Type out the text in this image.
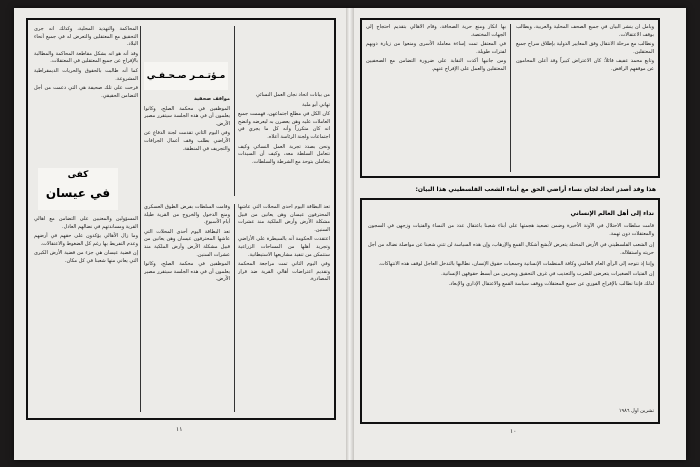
من بيانات اتحاد نجان العمل النسائي

تهاني أبو ملبة

كان الكل في مطلع اجتماعهن، فهممت جميع العاملات عليه وهن يعصرن به ليعرضه واتضح انه كان متكرراً وأنه كل ما يجري في اجتماعات ولجنة الرئاسة أعلاه.

ونحن بصدد تجربة العمل النسائي وكيف نتعامل السلطة معه، وكيف أن السيدات يتعاملن بتوحد مع الشرطة والسلطات.

مـؤتـمـر صـحـفـي

المحاكمة والتهديد المحلية، وكذلك انه جرى التحقيق مع المعتقلين والتعرض له في جميع أنحاء البلاد.

وقد أنه هو انه بشكل مقاطعة المحاكمة والمطالبة بالإفراج عن جميع المعتقلين في المعتقلات.

كما أنه طالبت بالحقوق والحريات الديمقراطية المشروعة.

فرحت على تلك صحيفة هي التي دعمت من أجل التضامن الحقيقي.

مواقف صحفية

الموظفين في محكمة الصلح، وكانوا يعلمون أن في هذه الجلسة سيتقرر مصير الأرض.

وفي اليوم الثاني تقدمت لجنة الدفاع عن الأراضي بطلب وقف أعمال الجرافات والتجريف في المنطقة.

كفى
في عيسان

تعد البطاقة اليوم أحدى المحلات التي عاشها المحترفون عيسان وهن يعانين من قبيل مشكلة الأرض وأرض الملكية منذ عشرات السنين.

اعتقدت الحكومة أنه بالسيطرة على الأراضي وتجريد أهلها من المساحات الزراعية ستتمكن من تنفيذ مشاريعها الاستيطانية.

وفي اليوم الثاني تمت مراجعة المحكمة وتقديم اعتراضات أهالي القرية ضد قرار المصادرة.

وقامت السلطات بفرض الطوق العسكري ومنع الدخول والخروج من القرية طيلة أيام الأسبوع.

تعد البطاقة اليوم أحدى المحلات التي عاشها المحترفون عيسان وهن يعانين من قبيل مشكلة الأرض وأرض الملكية منذ عشرات السنين.

الموظفين في محكمة الصلح، وكانوا يعلمون أن في هذه الجلسة سيتقرر مصير الأرض.

المسؤولين والمعنيين على التضامن مع أهالي القرية ومساندتهم في نضالهم العادل.

وما زال الأهالي يؤكدون على حقهم في أرضهم وعدم التفريط بها رغم كل الضغوط والاعتقالات.

إن قضية عيسان هي جزء من قضية الأرض الكبرى التي يعاني منها شعبنا في كل مكان.

١١

بها انكار ومنع حرية الصحافة، وقام الأهالي بتقديم احتجاج إلى الجهات المختصة.

في المعتقل تمت إساءة معاملة الأسرى ومنعوا من زيارة ذويهم لفترات طويلة.

ومن جانبها أكدت النقابة على ضرورة التضامن مع الصحفيين المعتقلين والعمل على الإفراج عنهم.

ويأمل ان ينشر البيان في جميع الصحف المحلية والعربية، ويطالب بوقف الاعتقالات.

ونطالب مع مرحلة الانتقال وفق المعايير الدولية بإطلاق سراح جميع المعتقلين.

وتابع محمد عفيف قائلاً: كان الاعتراض كبيراً وقد أعلن المحامون عن موقفهم الرافض.

هذا وقد أصدر اتحاد لجان نساء أراضي الحق مع أبناء الشعب الفلسطيني هذا البيان:
نداء إلى أهل العالم الإنساني

قامت سلطات الاحتلال في الآونة الأخيرة وضمن تصعيد هجمتها على أبناء شعبنا باعتقال عدد من النساء والفتيات وزجهن في السجون والمعتقلات دون تهمة.

إن الشعب الفلسطيني في الأرض المحتلة يتعرض لأبشع أشكال القمع والإرهاب، وإن هذه السياسة لن تثني شعبنا عن مواصلة نضاله من أجل حريته واستقلاله.

وإننا إذ نتوجه إلى الرأي العام العالمي وكافة المنظمات الإنسانية وجمعيات حقوق الإنسان، نطالبها بالتدخل العاجل لوقف هذه الانتهاكات.

إن الفتيات الصغيرات يتعرضن للضرب والتعذيب في غرف التحقيق ويحرمن من أبسط حقوقهن الإنسانية.

لذلك فإننا نطالب بالإفراج الفوري عن جميع المعتقلات ووقف سياسة القمع والاعتقال الإداري والإبعاد.

تشرين أول ١٩٨٦
١٠
